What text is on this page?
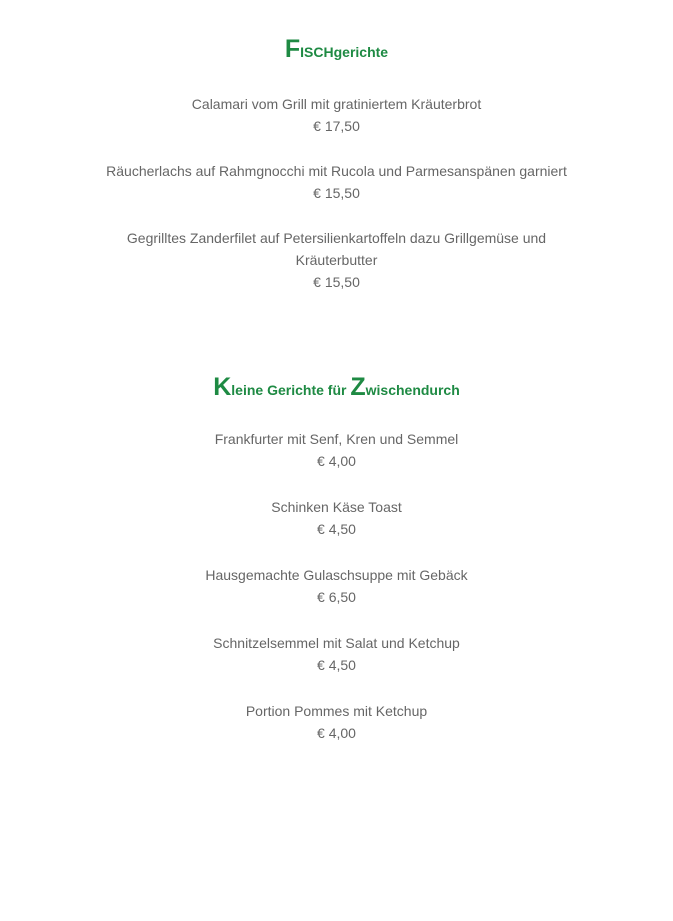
FISCHgerichte
Calamari vom Grill mit gratiniertem Kräuterbrot
€ 17,50
Räucherlachs auf Rahmgnocchi mit Rucola und Parmesanspänen garniert
€ 15,50
Gegrilltes Zanderfilet auf Petersilienkartoffeln dazu Grillgemüse und Kräuterbutter
€ 15,50
Kleine Gerichte für Zwischendurch
Frankfurter mit Senf, Kren und Semmel
€ 4,00
Schinken Käse Toast
€ 4,50
Hausgemachte Gulaschsuppe mit Gebäck
€ 6,50
Schnitzelsemmel mit Salat und Ketchup
€ 4,50
Portion Pommes mit Ketchup
€ 4,00
